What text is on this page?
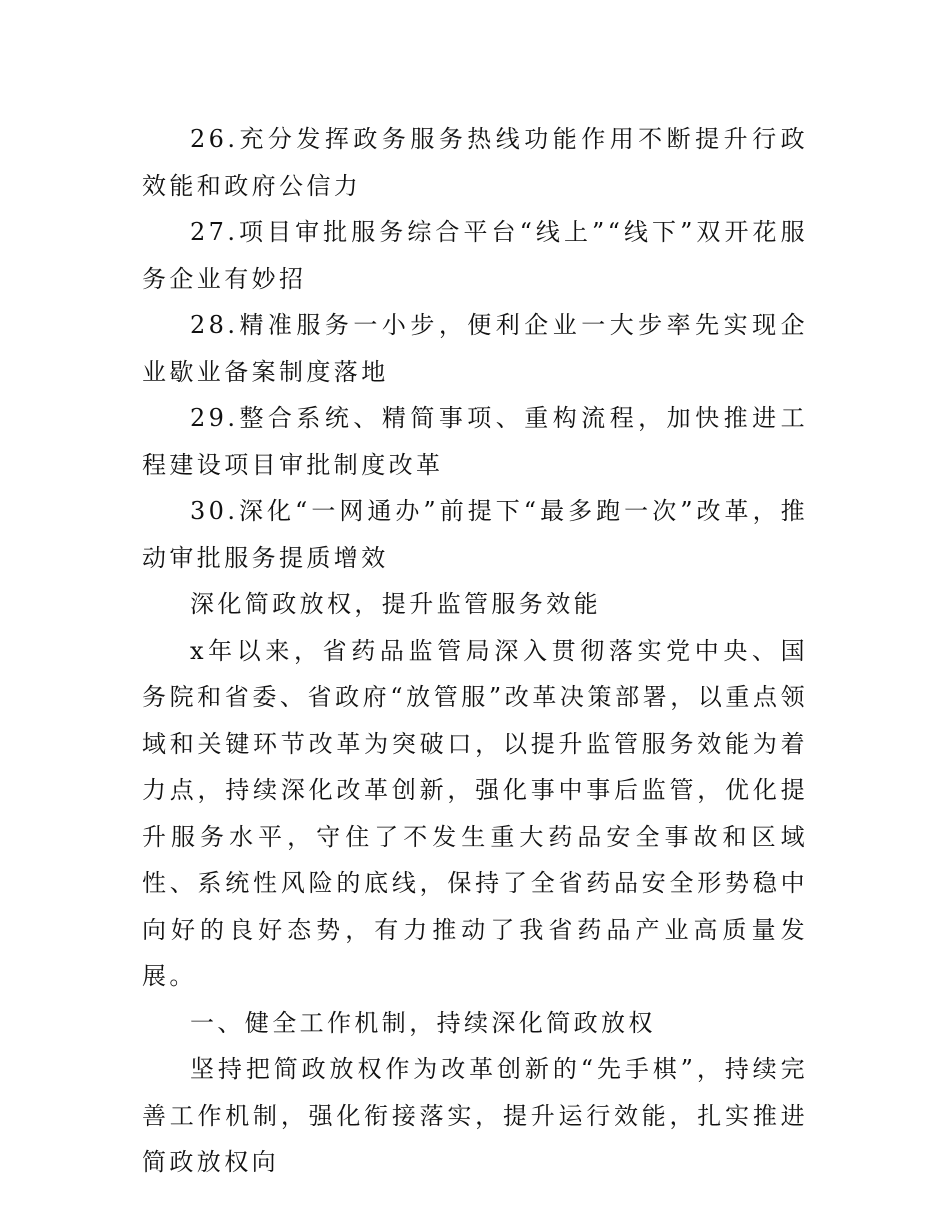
26.充分发挥政务服务热线功能作用不断提升行政效能和政府公信力

27.项目审批服务综合平台“线上”“线下”双开花服务企业有妙招

28.精准服务一小步，便利企业一大步率先实现企业歇业备案制度落地

29.整合系统、精简事项、重构流程，加快推进工程建设项目审批制度改革

30.深化“一网通办”前提下“最多跑一次”改革，推动审批服务提质增效

深化简政放权，提升监管服务效能

x年以来，省药品监管局深入贯彻落实党中央、国务院和省委、省政府“放管服”改革决策部署，以重点领域和关键环节改革为突破口，以提升监管服务效能为着力点，持续深化改革创新，强化事中事后监管，优化提升服务水平，守住了不发生重大药品安全事故和区域性、系统性风险的底线，保持了全省药品安全形势稳中向好的良好态势，有力推动了我省药品产业高质量发展。

一、健全工作机制，持续深化简政放权

坚持把简政放权作为改革创新的“先手棋”，持续完善工作机制，强化衔接落实，提升运行效能，扎实推进简政放权向
